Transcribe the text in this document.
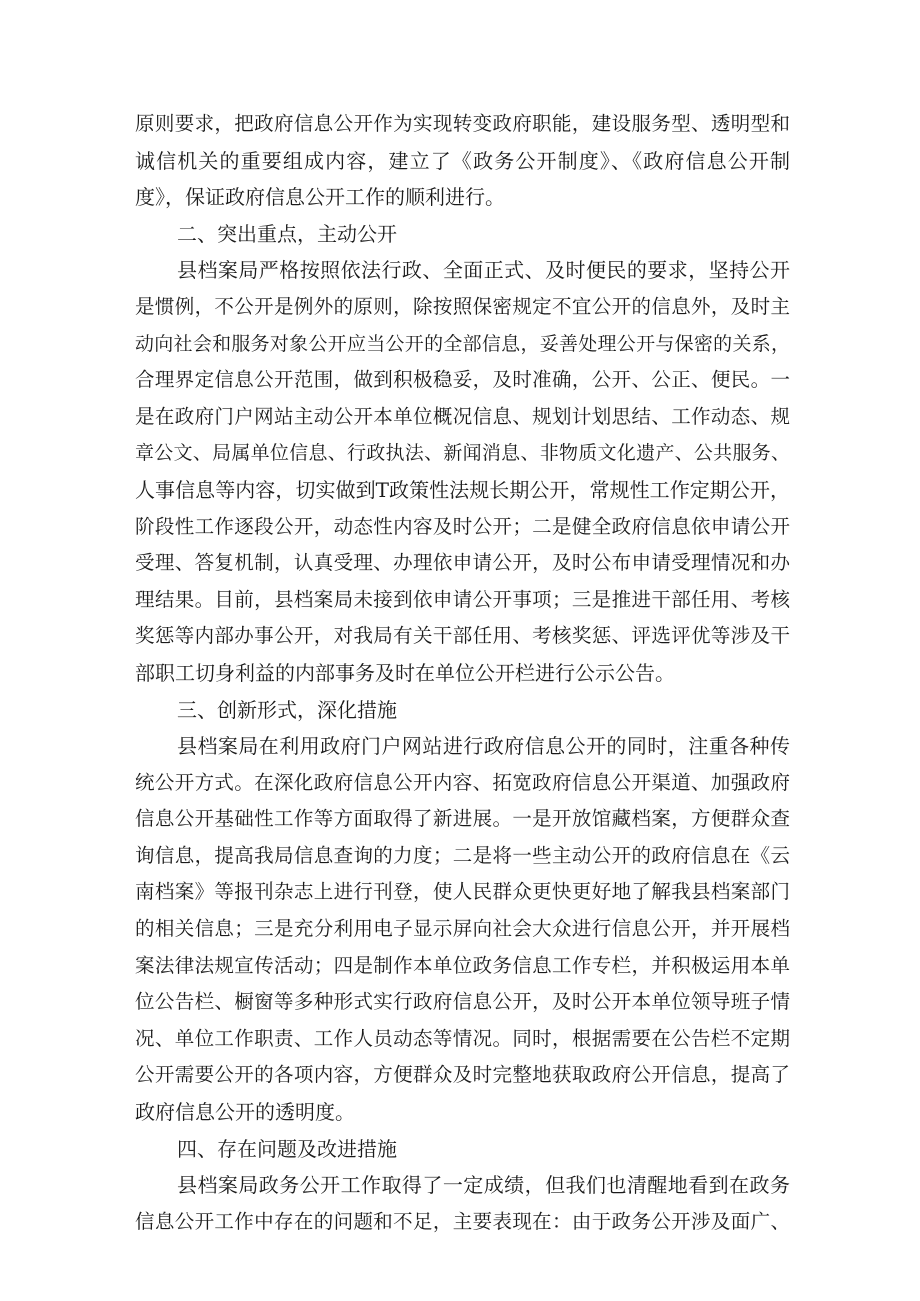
原则要求，把政府信息公开作为实现转变政府职能，建设服务型、透明型和
诚信机关的重要组成内容，建立了《政务公开制度》、《政府信息公开制
度》，保证政府信息公开工作的顺利进行。
二、突出重点，主动公开
县档案局严格按照依法行政、全面正式、及时便民的要求，坚持公开
是惯例，不公开是例外的原则，除按照保密规定不宜公开的信息外，及时主
动向社会和服务对象公开应当公开的全部信息，妥善处理公开与保密的关系，
合理界定信息公开范围，做到积极稳妥，及时准确，公开、公正、便民。一
是在政府门户网站主动公开本单位概况信息、规划计划思结、工作动态、规
章公文、局属单位信息、行政执法、新闻消息、非物质文化遗产、公共服务、
人事信息等内容，切实做到T政策性法规长期公开，常规性工作定期公开，
阶段性工作逐段公开，动态性内容及时公开；二是健全政府信息依申请公开
受理、答复机制，认真受理、办理依申请公开，及时公布申请受理情况和办
理结果。目前，县档案局未接到依申请公开事项；三是推进干部任用、考核
奖惩等内部办事公开，对我局有关干部任用、考核奖惩、评选评优等涉及干
部职工切身利益的内部事务及时在单位公开栏进行公示公告。
三、创新形式，深化措施
县档案局在利用政府门户网站进行政府信息公开的同时，注重各种传
统公开方式。在深化政府信息公开内容、拓宽政府信息公开渠道、加强政府
信息公开基础性工作等方面取得了新进展。一是开放馆藏档案，方便群众查
询信息，提高我局信息查询的力度；二是将一些主动公开的政府信息在《云
南档案》等报刊杂志上进行刊登，使人民群众更快更好地了解我县档案部门
的相关信息；三是充分利用电子显示屏向社会大众进行信息公开，并开展档
案法律法规宣传活动；四是制作本单位政务信息工作专栏，并积极运用本单
位公告栏、橱窗等多种形式实行政府信息公开，及时公开本单位领导班子情
况、单位工作职责、工作人员动态等情况。同时，根据需要在公告栏不定期
公开需要公开的各项内容，方便群众及时完整地获取政府公开信息，提高了
政府信息公开的透明度。
四、存在问题及改进措施
县档案局政务公开工作取得了一定成绩，但我们也清醒地看到在政务
信息公开工作中存在的问题和不足，主要表现在：由于政务公开涉及面广、
